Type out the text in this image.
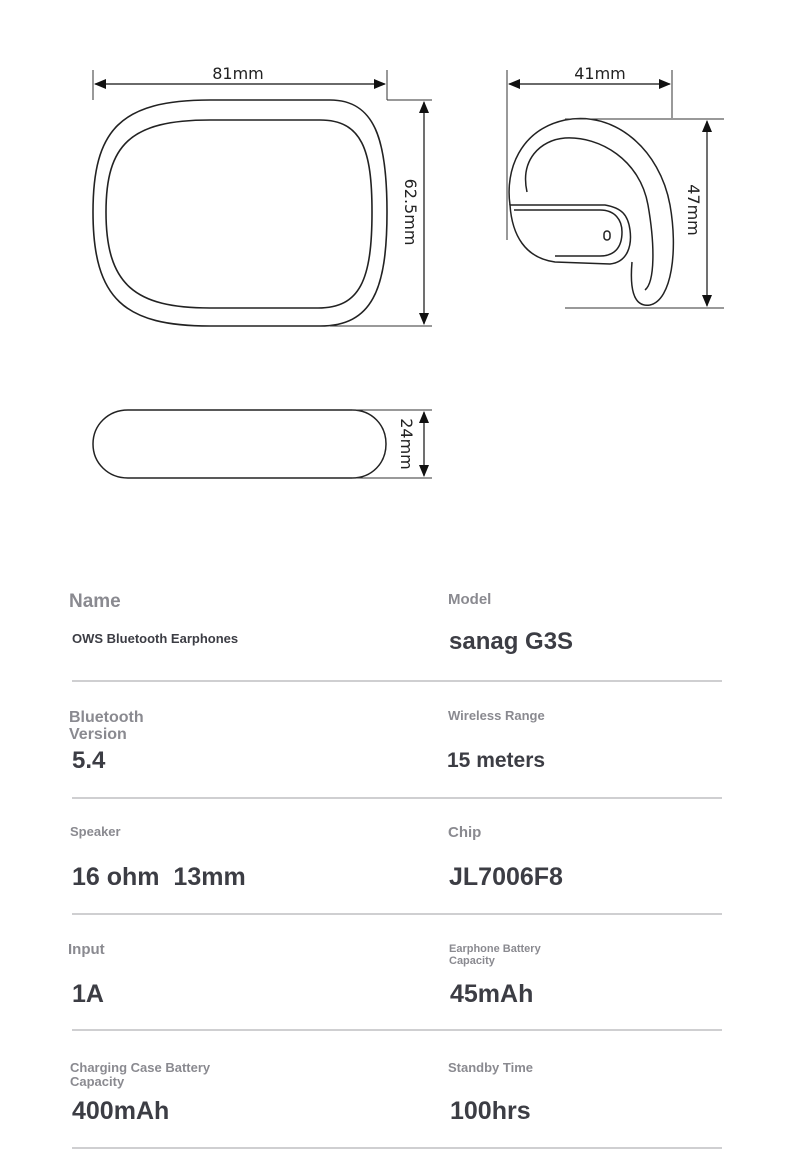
81mm
62.5mm
41mm
47mm
24mm
Name
OWS Bluetooth Earphones
Model
sanag G3S
Bluetooth
Version
5.4
Wireless Range
15 meters
Speaker
16 ohm  13mm
Chip
JL7006F8
Input
1A
Earphone Battery
Capacity
45mAh
Charging Case Battery
Capacity
400mAh
Standby Time
100hrs
